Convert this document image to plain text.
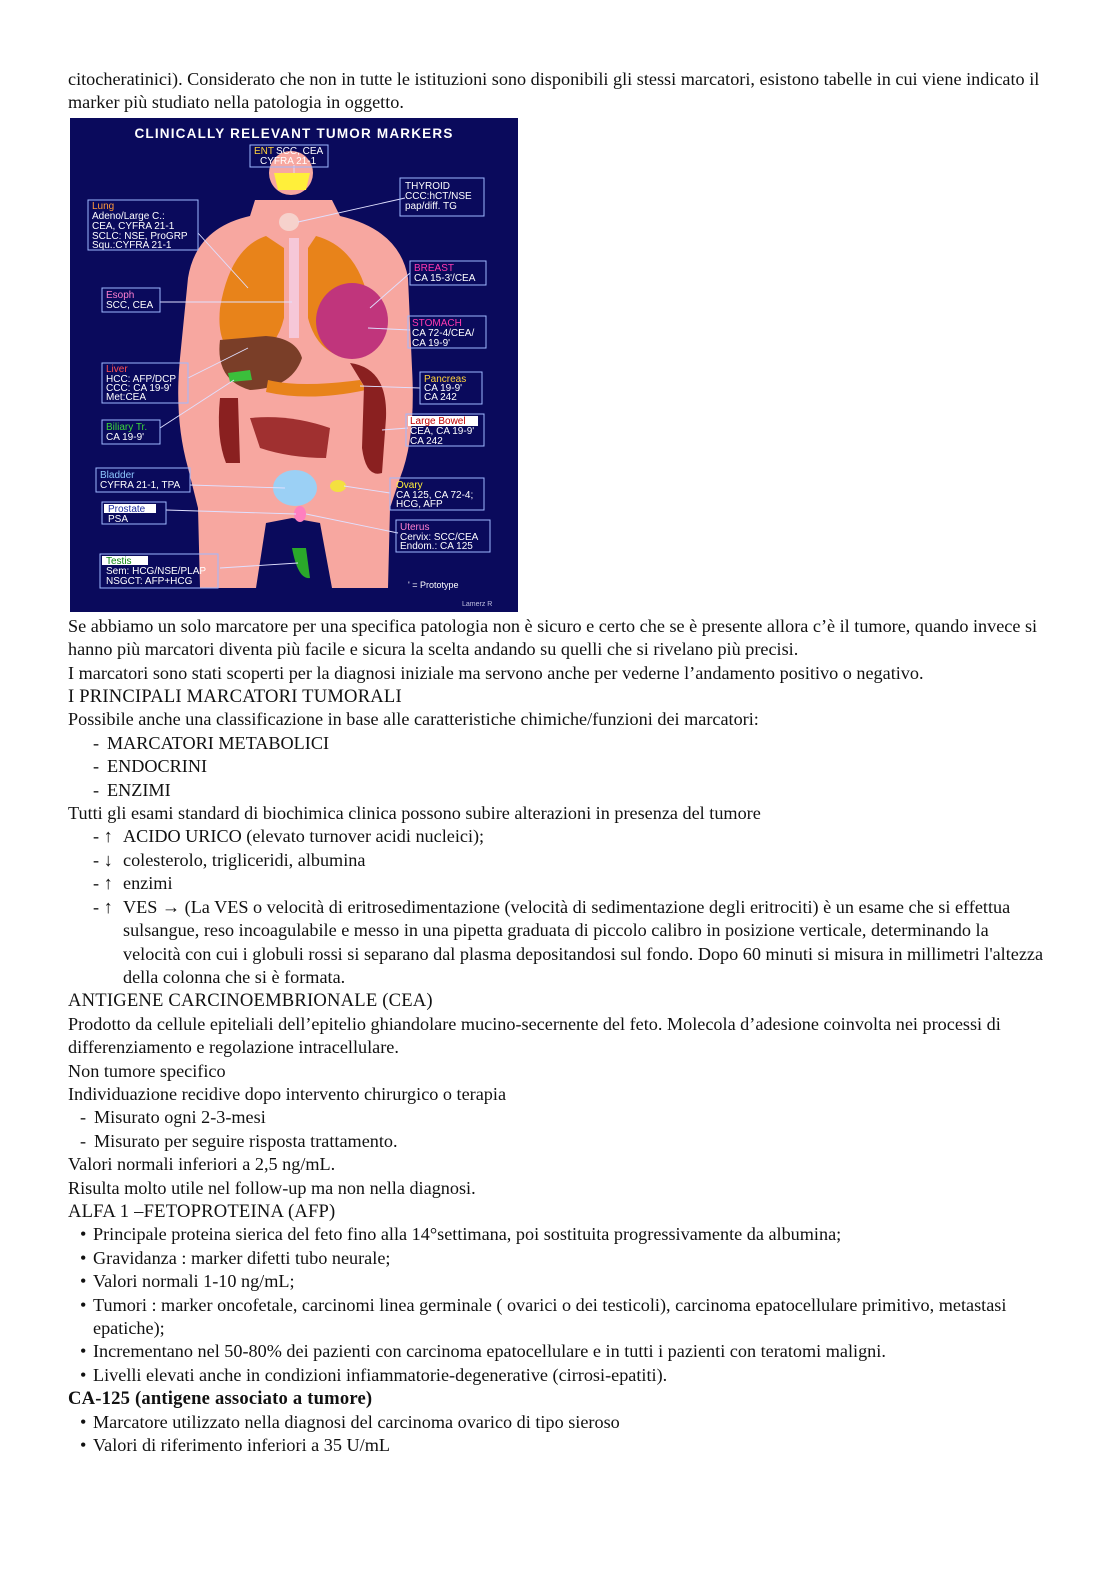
citocheratinici). Considerato che non in tutte le istituzioni sono disponibili gli stessi marcatori, esistono tabelle in cui viene indicato il marker più studiato nella patologia in oggetto.

CLINICALLY RELEVANT TUMOR MARKERS
ENT SCC, CEA
CYFRA 21-1
THYROID
CCC:hCT/NSE
pap/diff. TG
Lung
Adeno/Large C.:
CEA, CYFRA 21-1
SCLC: NSE, ProGRP
Squ.:CYFRA 21-1
BREAST
CA 15-3'/CEA
Esoph
SCC, CEA
STOMACH
CA 72-4/CEA/
CA 19-9'
Liver
HCC: AFP/DCP
CCC: CA 19-9'
Met:CEA
Pancreas
CA 19-9'
CA 242
Biliary Tr.
CA 19-9'
Large Bowel
CEA, CA 19-9'
CA 242
Bladder
CYFRA 21-1, TPA	Ovary
CA 125, CA 72-4;
HCG, AFP
Prostate
PSA
Uterus
Cervix: SCC/CEA
Endom.: CA 125
Testis
Sem: HCG/NSE/PLAP
NSGCT: AFP+HCG	' = Prototype
Lamerz R

Se abbiamo un solo marcatore per una specifica patologia non è sicuro e certo che se è presente allora c’è il tumore, quando invece si hanno più marcatori diventa più facile e sicura la scelta andando su quelli che si rivelano più precisi.

I marcatori sono stati scoperti per la diagnosi iniziale ma servono anche per vederne l’andamento positivo o negativo.

I PRINCIPALI MARCATORI TUMORALI

Possibile anche una classificazione in base alle caratteristiche chimiche/funzioni dei marcatori:

- MARCATORI METABOLICI
- ENDOCRINI
- ENZIMI

Tutti gli esami standard di biochimica clinica possono subire alterazioni in presenza del tumore

- ↑ ACIDO URICO (elevato turnover acidi nucleici);
- ↓ colesterolo, trigliceridi, albumina
- ↑ enzimi
- ↑ VES → (La VES o velocità di eritrosedimentazione (velocità di sedimentazione degli eritrociti) è un esame che si effettua sulsangue, reso incoagulabile e messo in una pipetta graduata di piccolo calibro in posizione verticale, determinando la velocità con cui i globuli rossi si separano dal plasma depositandosi sul fondo. Dopo 60 minuti si misura in millimetri l'altezza della colonna che si è formata.

ANTIGENE CARCINOEMBRIONALE (CEA)

Prodotto da cellule epiteliali dell’epitelio ghiandolare mucino-secernente del feto. Molecola d’adesione coinvolta nei processi di differenziamento e regolazione intracellulare.

Non tumore specifico

Individuazione recidive dopo intervento chirurgico o terapia

- Misurato ogni 2-3-mesi
- Misurato per seguire risposta trattamento.

Valori normali inferiori a 2,5 ng/mL.

Risulta molto utile nel follow-up ma non nella diagnosi.

ALFA 1 –FETOPROTEINA (AFP)

• Principale proteina sierica del feto fino alla 14°settimana, poi sostituita progressivamente da albumina;
• Gravidanza : marker difetti tubo neurale;
• Valori normali 1-10 ng/mL;
• Tumori : marker oncofetale, carcinomi linea germinale ( ovarici o dei testicoli), carcinoma epatocellulare primitivo, metastasi epatiche);
• Incrementano nel 50-80% dei pazienti con carcinoma epatocellulare e in tutti i pazienti con teratomi maligni.
• Livelli elevati anche in condizioni infiammatorie-degenerative (cirrosi-epatiti).

CA-125 (antigene associato a tumore)

• Marcatore utilizzato nella diagnosi del carcinoma ovarico di tipo sieroso
• Valori di riferimento inferiori a 35 U/mL
